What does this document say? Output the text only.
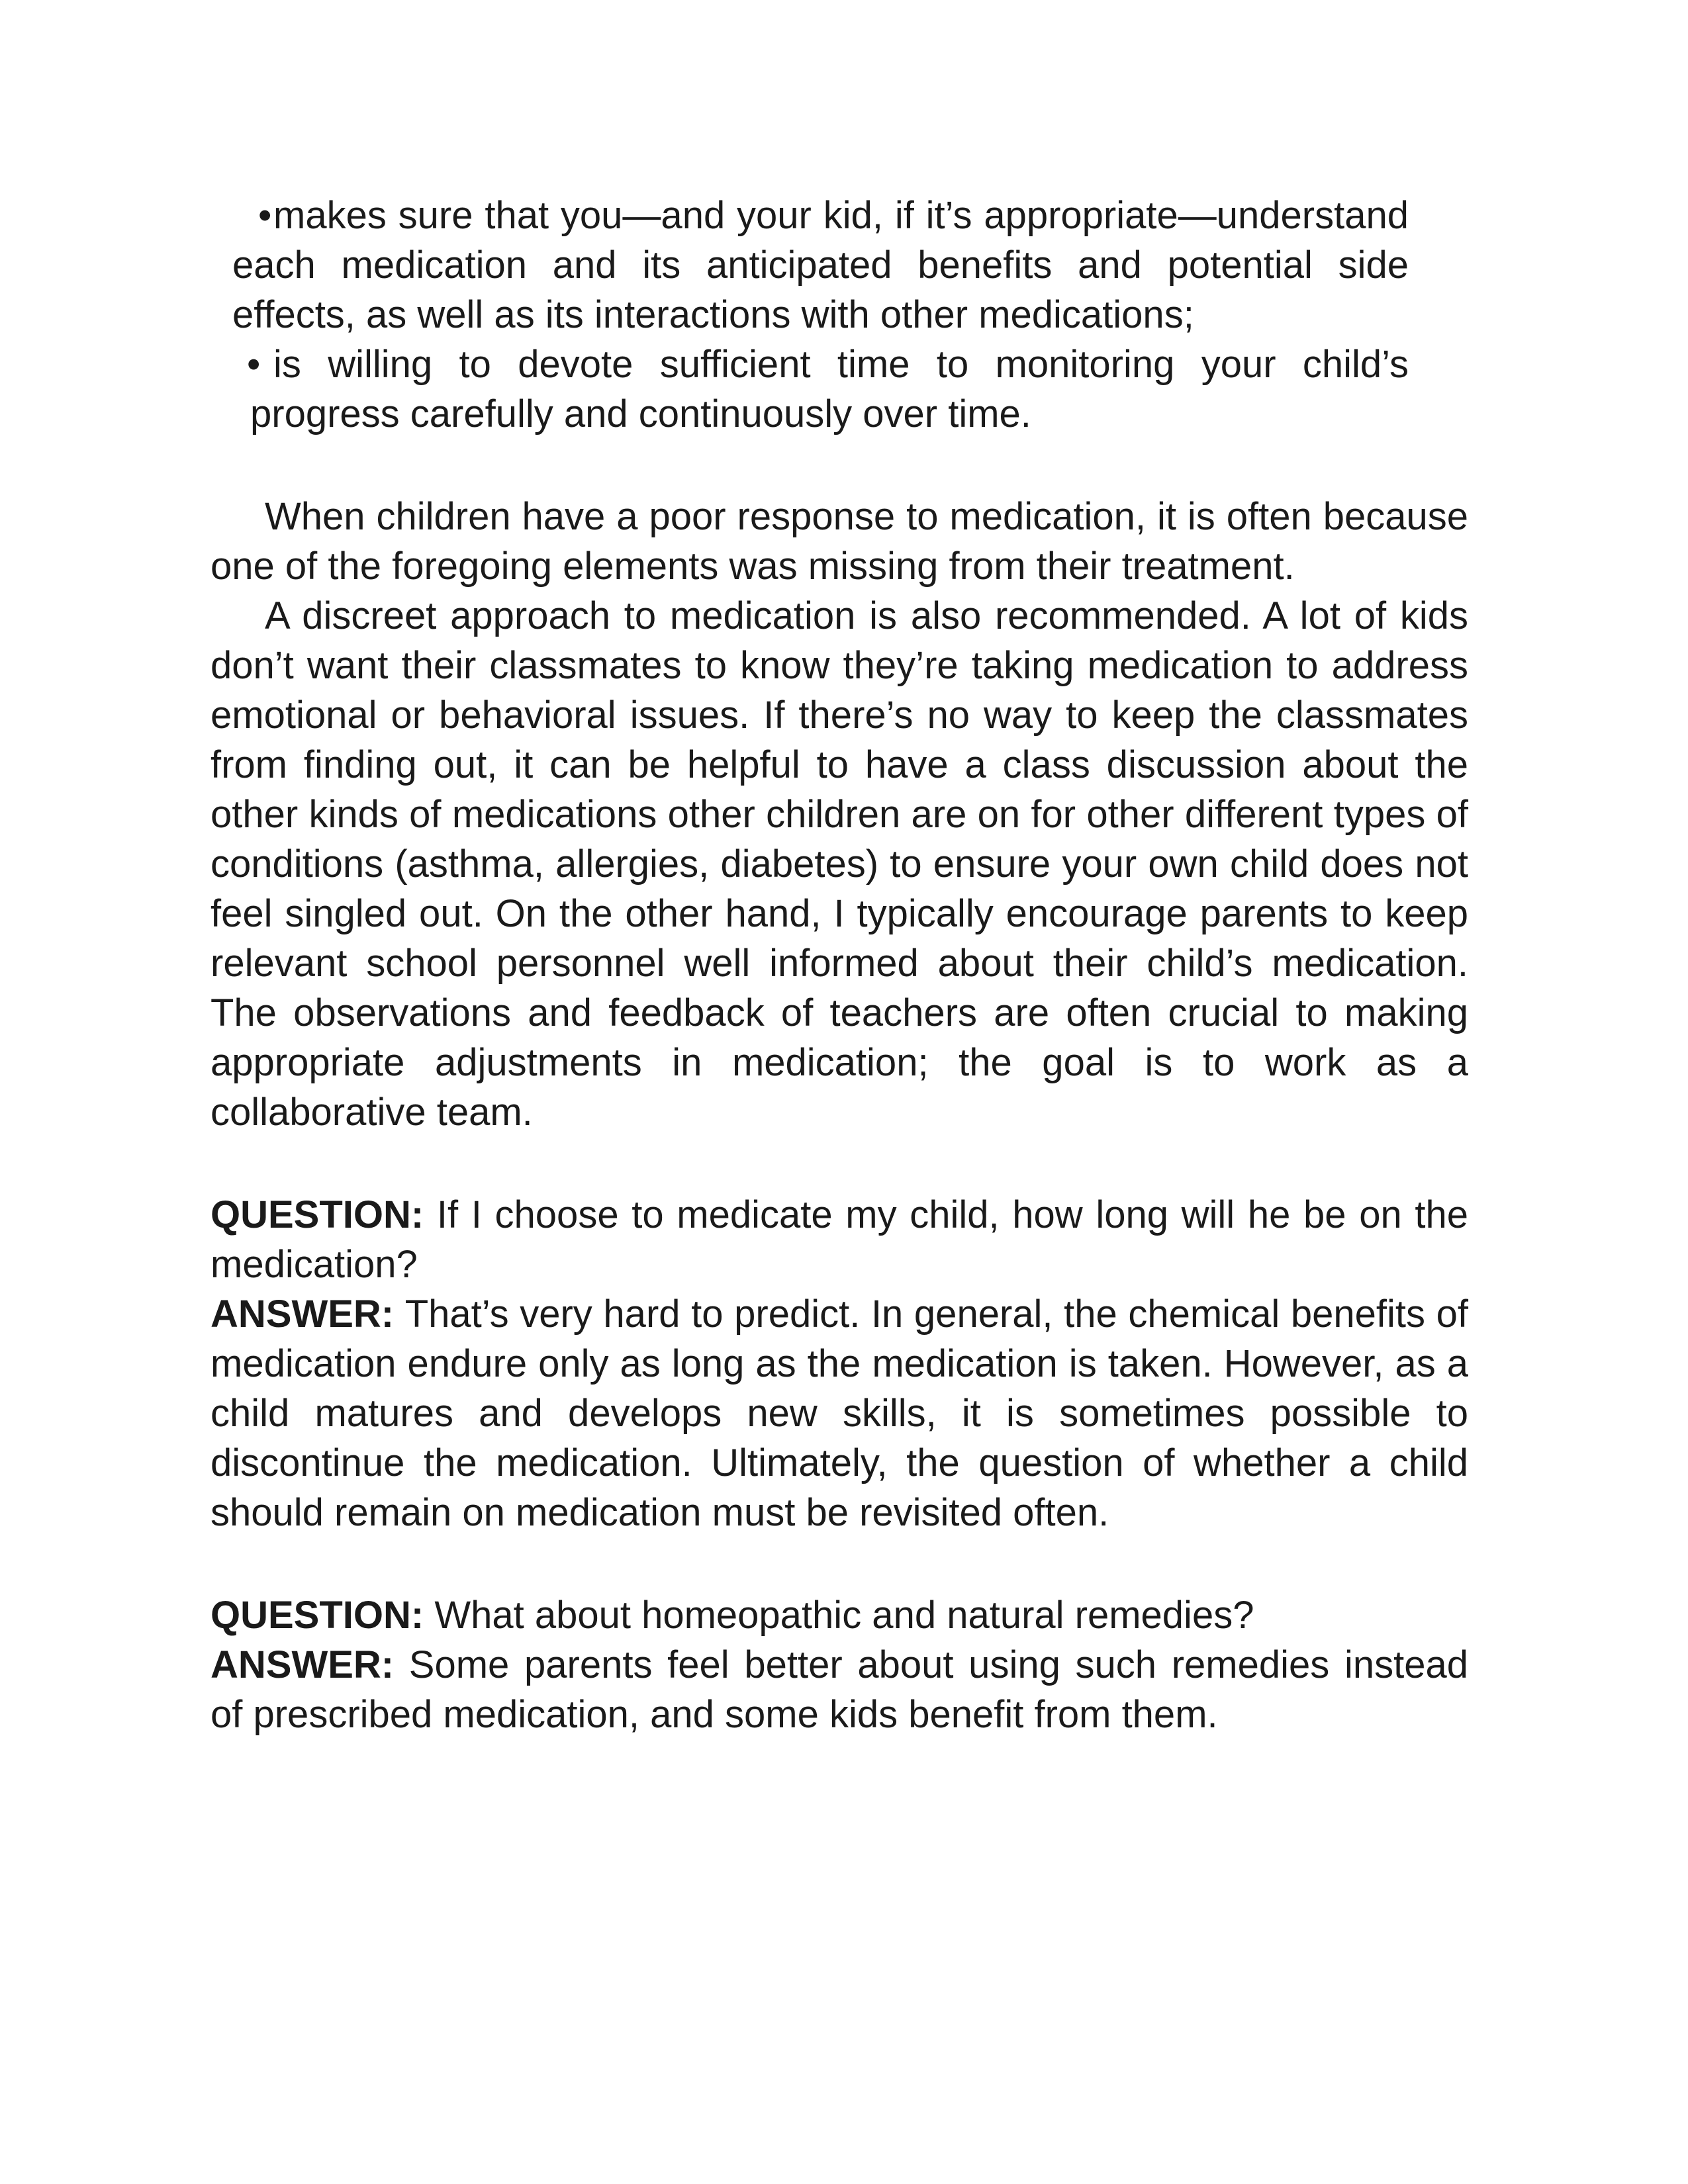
• makes sure that you—and your kid, if it’s appropriate—understand each medication and its anticipated benefits and potential side effects, as well as its interactions with other medications;
• is willing to devote sufficient time to monitoring your child’s progress carefully and continuously over time.

When children have a poor response to medication, it is often because one of the foregoing elements was missing from their treatment.

A discreet approach to medication is also recommended. A lot of kids don’t want their classmates to know they’re taking medication to address emotional or behavioral issues. If there’s no way to keep the classmates from finding out, it can be helpful to have a class discussion about the other kinds of medications other children are on for other different types of conditions (asthma, allergies, diabetes) to ensure your own child does not feel singled out. On the other hand, I typically encourage parents to keep relevant school personnel well informed about their child’s medication. The observations and feedback of teachers are often crucial to making appropriate adjustments in medication; the goal is to work as a collaborative team.

QUESTION: If I choose to medicate my child, how long will he be on the medication?

ANSWER: That’s very hard to predict. In general, the chemical benefits of medication endure only as long as the medication is taken. However, as a child matures and develops new skills, it is sometimes possible to discontinue the medication. Ultimately, the question of whether a child should remain on medication must be revisited often.

QUESTION: What about homeopathic and natural remedies?

ANSWER: Some parents feel better about using such remedies instead of prescribed medication, and some kids benefit from them.
